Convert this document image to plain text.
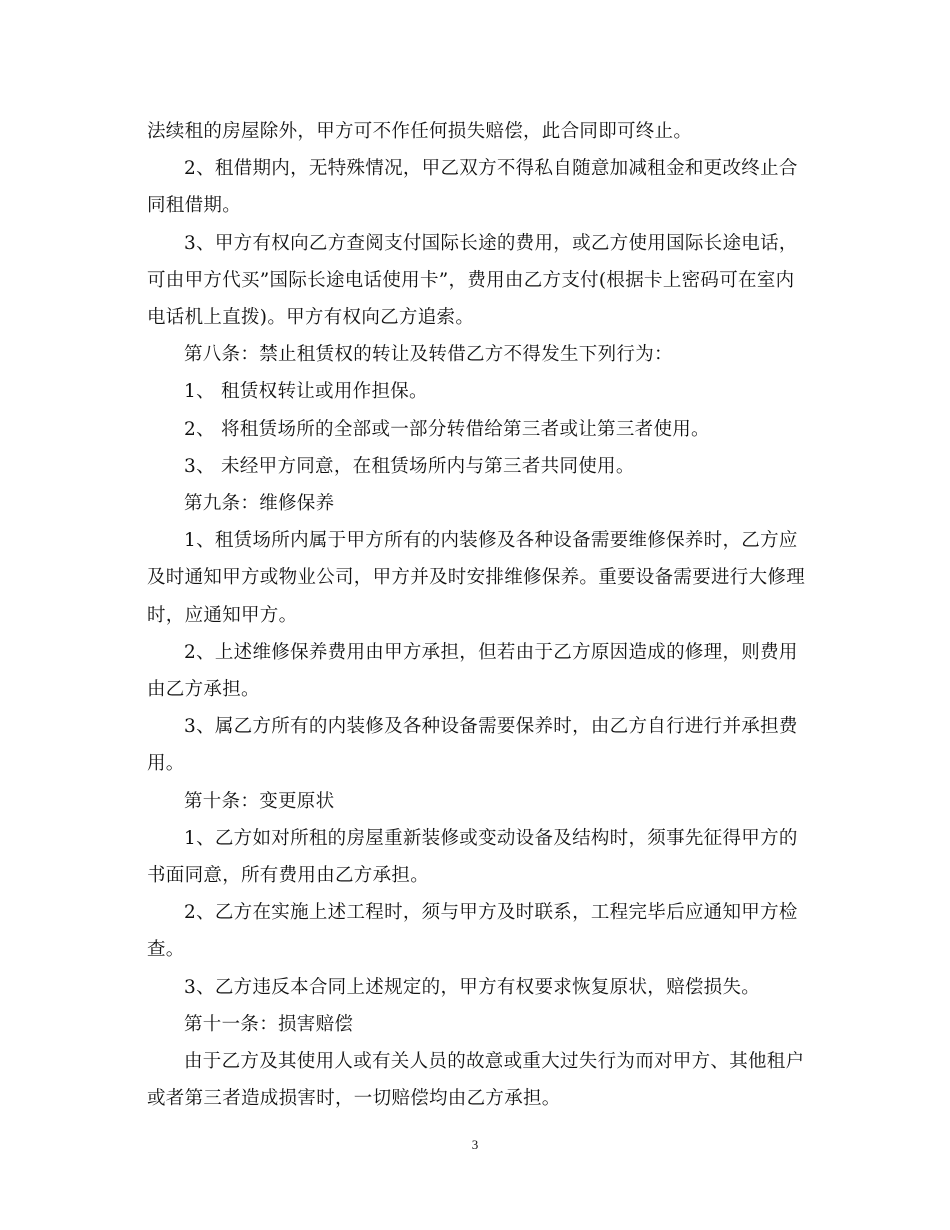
法续租的房屋除外，甲方可不作任何损失赔偿，此合同即可终止。

2、租借期内，无特殊情况，甲乙双方不得私自随意加减租金和更改终止合同租借期。

3、甲方有权向乙方查阅支付国际长途的费用，或乙方使用国际长途电话，可由甲方代买”国际长途电话使用卡”，费用由乙方支付(根据卡上密码可在室内电话机上直拨)。甲方有权向乙方追索。

第八条：禁止租赁权的转让及转借乙方不得发生下列行为：

1、 租赁权转让或用作担保。

2、 将租赁场所的全部或一部分转借给第三者或让第三者使用。

3、 未经甲方同意，在租赁场所内与第三者共同使用。

第九条：维修保养

1、租赁场所内属于甲方所有的内装修及各种设备需要维修保养时，乙方应及时通知甲方或物业公司，甲方并及时安排维修保养。重要设备需要进行大修理时，应通知甲方。

2、上述维修保养费用由甲方承担，但若由于乙方原因造成的修理，则费用由乙方承担。

3、属乙方所有的内装修及各种设备需要保养时，由乙方自行进行并承担费用。

第十条：变更原状

1、乙方如对所租的房屋重新装修或变动设备及结构时，须事先征得甲方的书面同意，所有费用由乙方承担。

2、乙方在实施上述工程时，须与甲方及时联系，工程完毕后应通知甲方检查。

3、乙方违反本合同上述规定的，甲方有权要求恢复原状，赔偿损失。

第十一条：损害赔偿

由于乙方及其使用人或有关人员的故意或重大过失行为而对甲方、其他租户或者第三者造成损害时，一切赔偿均由乙方承担。

3
